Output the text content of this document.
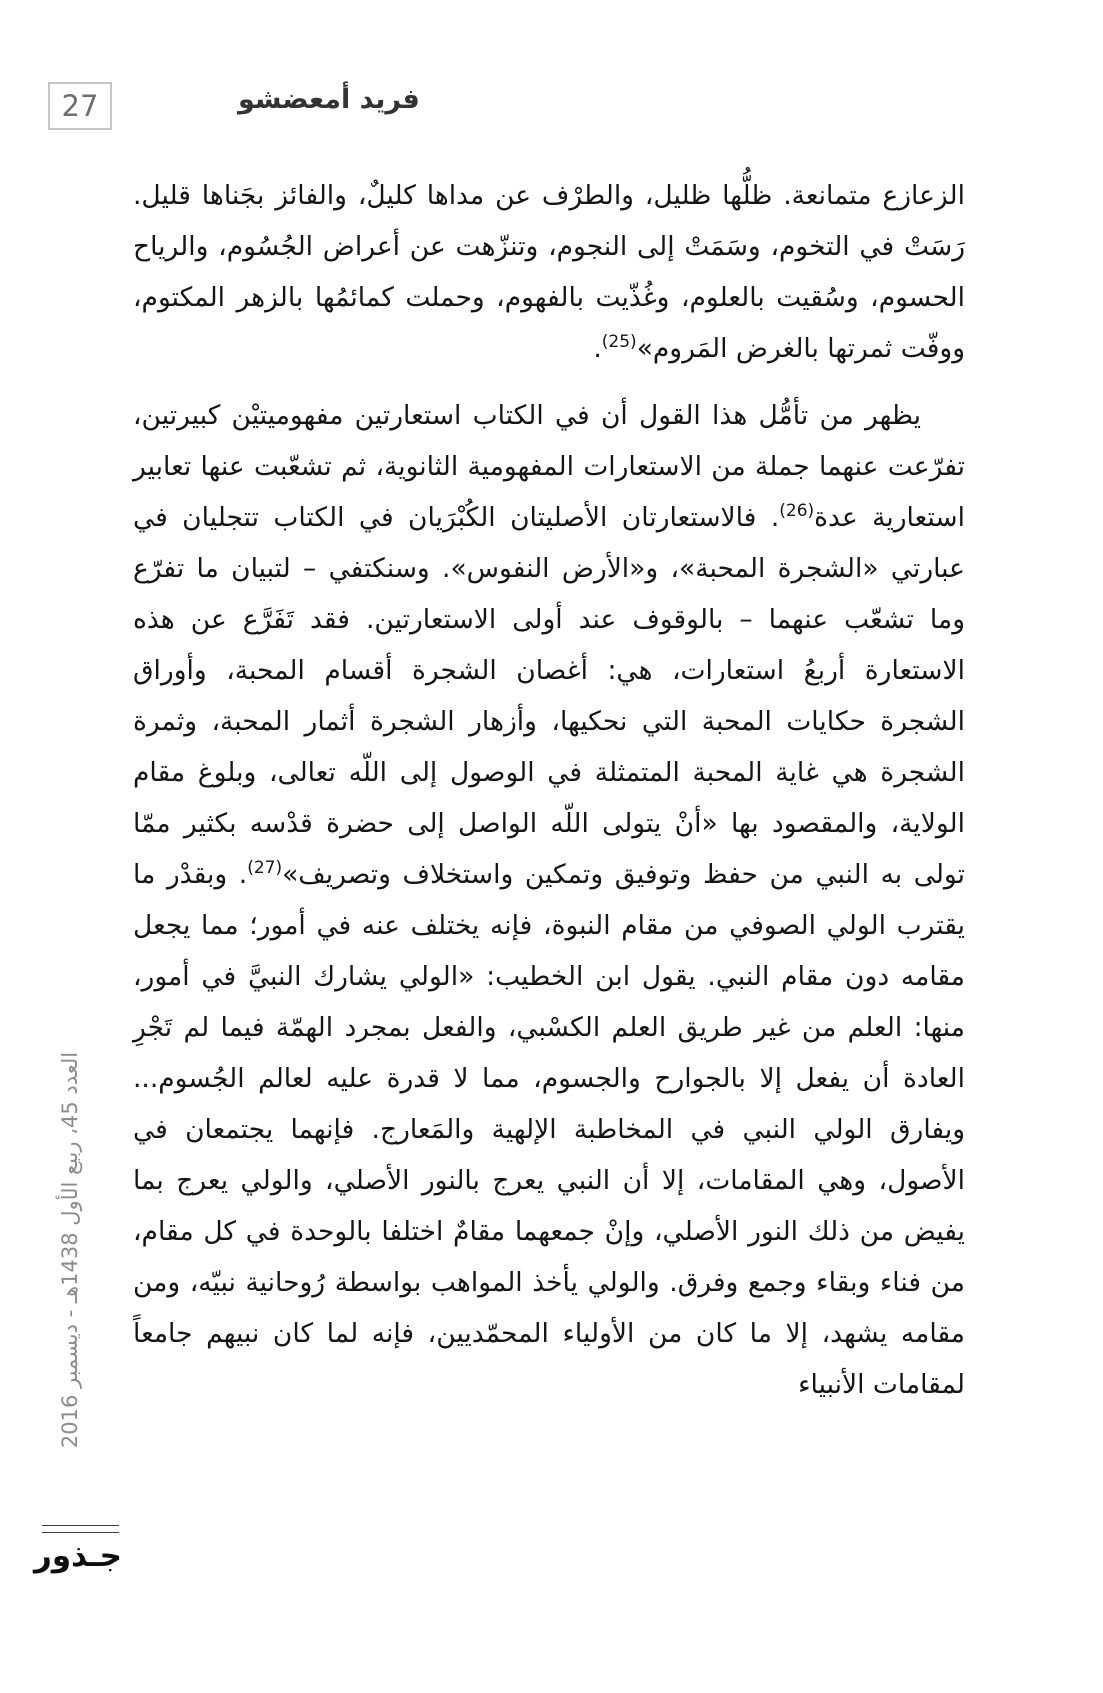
27	فريد أمعضشو

الزعازع متمانعة. ظلُّها ظليل، والطرْف عن مداها كليلٌ، والفائز بجَناها قليل. رَسَتْ في التخوم، وسَمَتْ إلى النجوم، وتنزّهت عن أعراض الجُسُوم، والرياح الحسوم، وسُقيت بالعلوم، وغُذّيت بالفهوم، وحملت كمائمُها بالزهر المكتوم، ووفّت ثمرتها بالغرض المَروم»$^{(25)}$.

يظهر من تأمُّل هذا القول أن في الكتاب استعارتين مفهوميتيْن كبيرتين، تفرّعت عنهما جملة من الاستعارات المفهومية الثانوية، ثم تشعّبت عنها تعابير استعارية عدة$^{(26)}$. فالاستعارتان الأصليتان الكُبْرَيان في الكتاب تتجليان في عبارتي «الشجرة المحبة»، و«الأرض النفوس». وسنكتفي – لتبيان ما تفرّع وما تشعّب عنهما – بالوقوف عند أولى الاستعارتين. فقد تَفَرَّع عن هذه الاستعارة أربعُ استعارات، هي: أغصان الشجرة أقسام المحبة، وأوراق الشجرة حكايات المحبة التي نحكيها، وأزهار الشجرة أثمار المحبة، وثمرة الشجرة هي غاية المحبة المتمثلة في الوصول إلى اللّه تعالى، وبلوغ مقام الولاية، والمقصود بها «أنْ يتولى اللّه الواصل إلى حضرة قدْسه بكثير ممّا تولى به النبي من حفظ وتوفيق وتمكين واستخلاف وتصريف»$^{(27)}$. وبقدْر ما يقترب الولي الصوفي من مقام النبوة، فإنه يختلف عنه في أمور؛ مما يجعل مقامه دون مقام النبي. يقول ابن الخطيب: «الولي يشارك النبيَّ في أمور، منها: العلم من غير طريق العلم الكسْبي، والفعل بمجرد الهمّة فيما لم تَجْرِ العادة أن يفعل إلا بالجوارح والجسوم، مما لا قدرة عليه لعالم الجُسوم... ويفارق الولي النبي في المخاطبة الإلهية والمَعارج. فإنهما يجتمعان في الأصول، وهي المقامات، إلا أن النبي يعرج بالنور الأصلي، والولي يعرج بما يفيض من ذلك النور الأصلي، وإنْ جمعهما مقامٌ اختلفا بالوحدة في كل مقام، من فناء وبقاء وجمع وفرق. والولي يأخذ المواهب بواسطة رُوحانية نبيّه، ومن مقامه يشهد، إلا ما كان من الأولياء المحمّديين، فإنه لما كان نبيهم جامعاً لمقامات الأنبياء

العدد 45، ربيع الأول 1438هـ - ديسمبر 2016
جـذور
